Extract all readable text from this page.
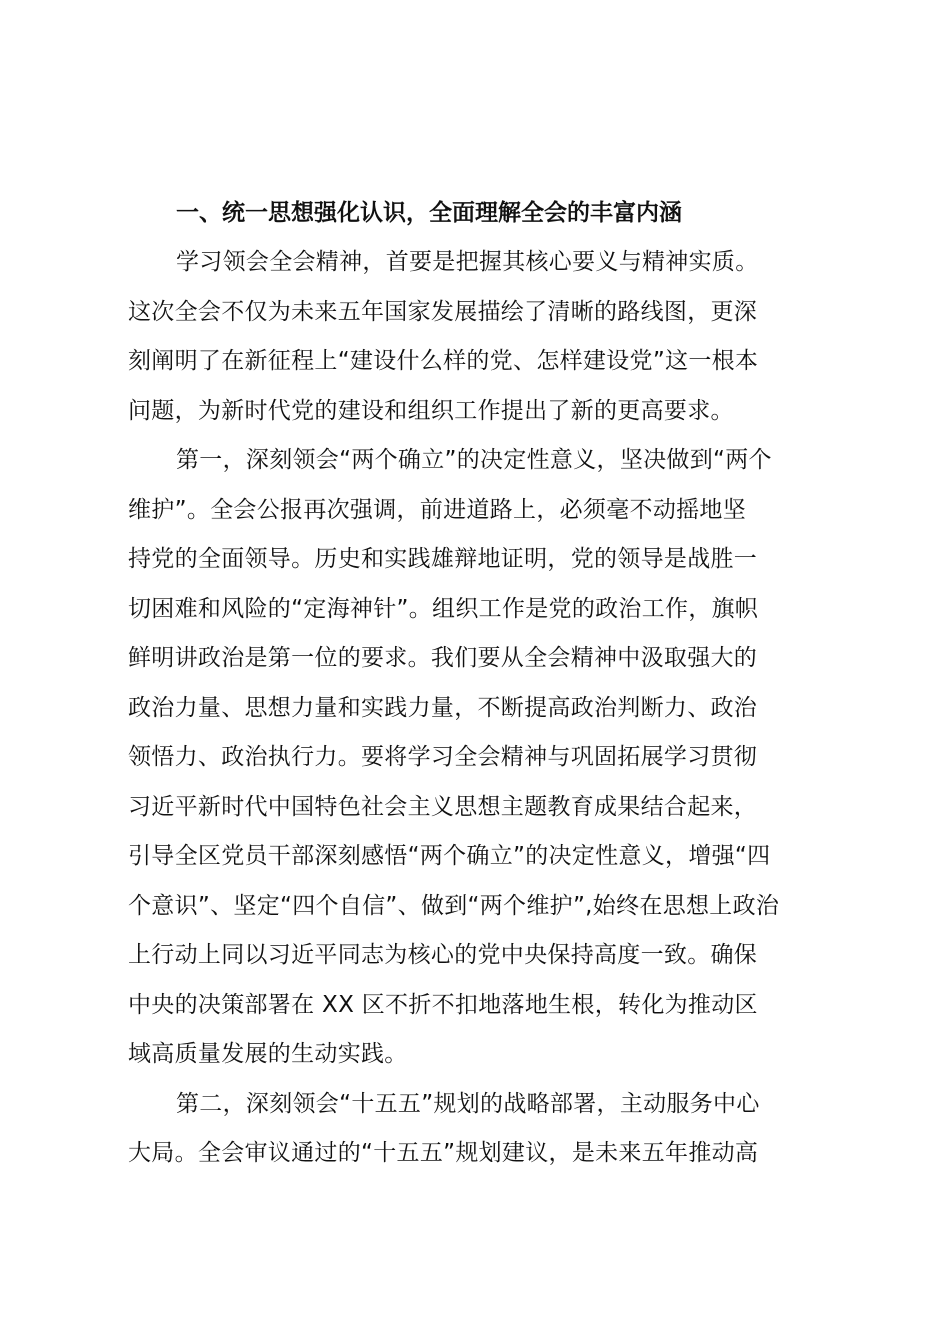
一、统一思想强化认识，全面理解全会的丰富内涵
学习领会全会精神，首要是把握其核心要义与精神实质。
这次全会不仅为未来五年国家发展描绘了清晰的路线图，更深
刻阐明了在新征程上“建设什么样的党、怎样建设党”这一根本
问题，为新时代党的建设和组织工作提出了新的更高要求。
第一，深刻领会“两个确立”的决定性意义，坚决做到“两个
维护”。全会公报再次强调，前进道路上，必须毫不动摇地坚
持党的全面领导。历史和实践雄辩地证明，党的领导是战胜一
切困难和风险的“定海神针”。组织工作是党的政治工作，旗帜
鲜明讲政治是第一位的要求。我们要从全会精神中汲取强大的
政治力量、思想力量和实践力量，不断提高政治判断力、政治
领悟力、政治执行力。要将学习全会精神与巩固拓展学习贯彻
习近平新时代中国特色社会主义思想主题教育成果结合起来，
引导全区党员干部深刻感悟“两个确立”的决定性意义，增强“四
个意识”、坚定“四个自信”、做到“两个维护”,始终在思想上政治
上行动上同以习近平同志为核心的党中央保持高度一致。确保
中央的决策部署在 XX 区不折不扣地落地生根，转化为推动区
域高质量发展的生动实践。
第二，深刻领会“十五五”规划的战略部署，主动服务中心
大局。全会审议通过的“十五五”规划建议，是未来五年推动高
